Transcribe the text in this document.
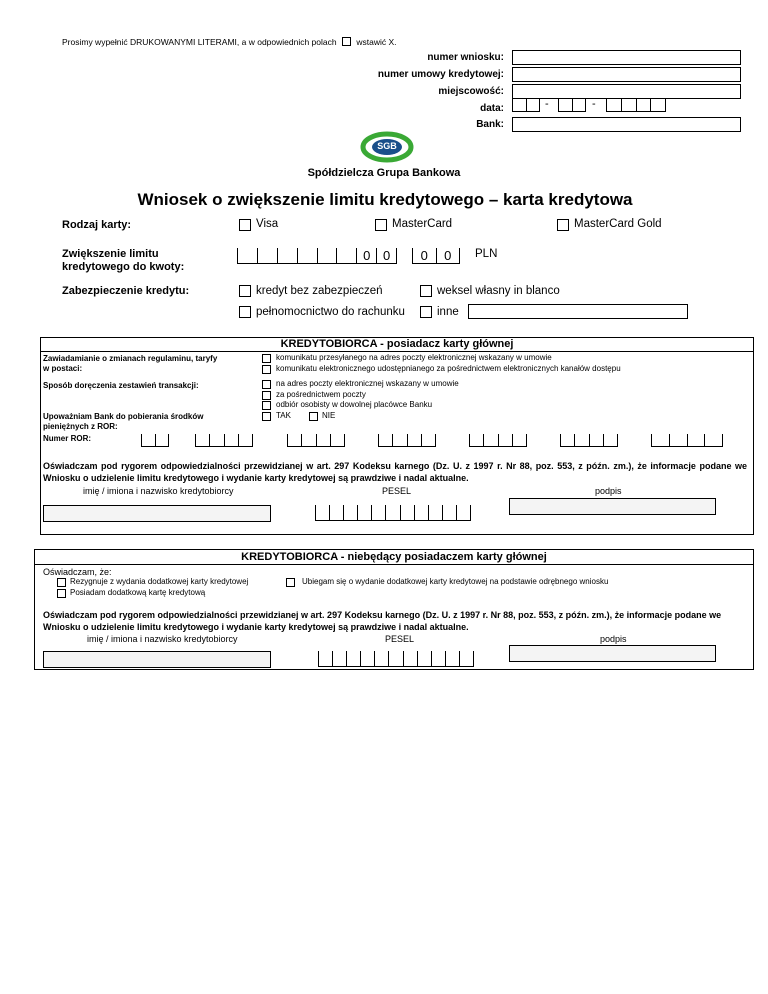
Prosimy wypełnić DRUKOWANYMI LITERAMI, a w odpowiednich polach wstawić X.
numer wniosku:
numer umowy kredytowej:
miejscowość:
data:	-	-
Bank:
SGB
Spółdzielcza Grupa Bankowa
Wniosek o zwiększenie limitu kredytowego – karta kredytowa
Rodzaj karty:	Visa	MasterCard	MasterCard Gold
Zwiększenie limitu
kredytowego do kwoty:
0 0	0	0	PLN
Zabezpieczenie kredytu:	kredyt bez zabezpieczeń	weksel własny in blanco
pełnomocnictwo do rachunku	inne
KREDYTOBIORCA - posiadacz karty głównej
Zawiadamianie o zmianach regulaminu, taryfy
w postaci:
komunikatu przesyłanego na adres poczty elektronicznej wskazany w umowie
komunikatu elektronicznego udostępnianego za pośrednictwem elektronicznych kanałów dostępu
Sposób doręczenia zestawień transakcji:	na adres poczty elektronicznej wskazany w umowie
za pośrednictwem poczty
odbiór osobisty w dowolnej placówce Banku
Upoważniam Bank do pobierania środków
pieniężnych z ROR:
TAK	NIE
Numer ROR:
Oświadczam pod rygorem odpowiedzialności przewidzianej w art. 297 Kodeksu karnego (Dz. U. z 1997 r. Nr 88, poz. 553, z późn. zm.), że informacje podane we Wniosku o udzielenie limitu kredytowego i wydanie karty kredytowej są prawdziwe i nadal aktualne.
imię / imiona i nazwisko kredytobiorcy	PESEL	podpis
KREDYTOBIORCA - niebędący posiadaczem karty głównej
Oświadczam, że:
Rezygnuje z wydania dodatkowej karty kredytowej
Posiadam dodatkową kartę kredytową
Ubiegam się o wydanie dodatkowej karty kredytowej na podstawie odrębnego wniosku
Oświadczam pod rygorem odpowiedzialności przewidzianej w art. 297 Kodeksu karnego (Dz. U. z 1997 r. Nr 88, poz. 553, z późn. zm.), że informacje podane we Wniosku o udzielenie limitu kredytowego i wydanie karty kredytowej są prawdziwe i nadal aktualne.
imię / imiona i nazwisko kredytobiorcy	PESEL	podpis
